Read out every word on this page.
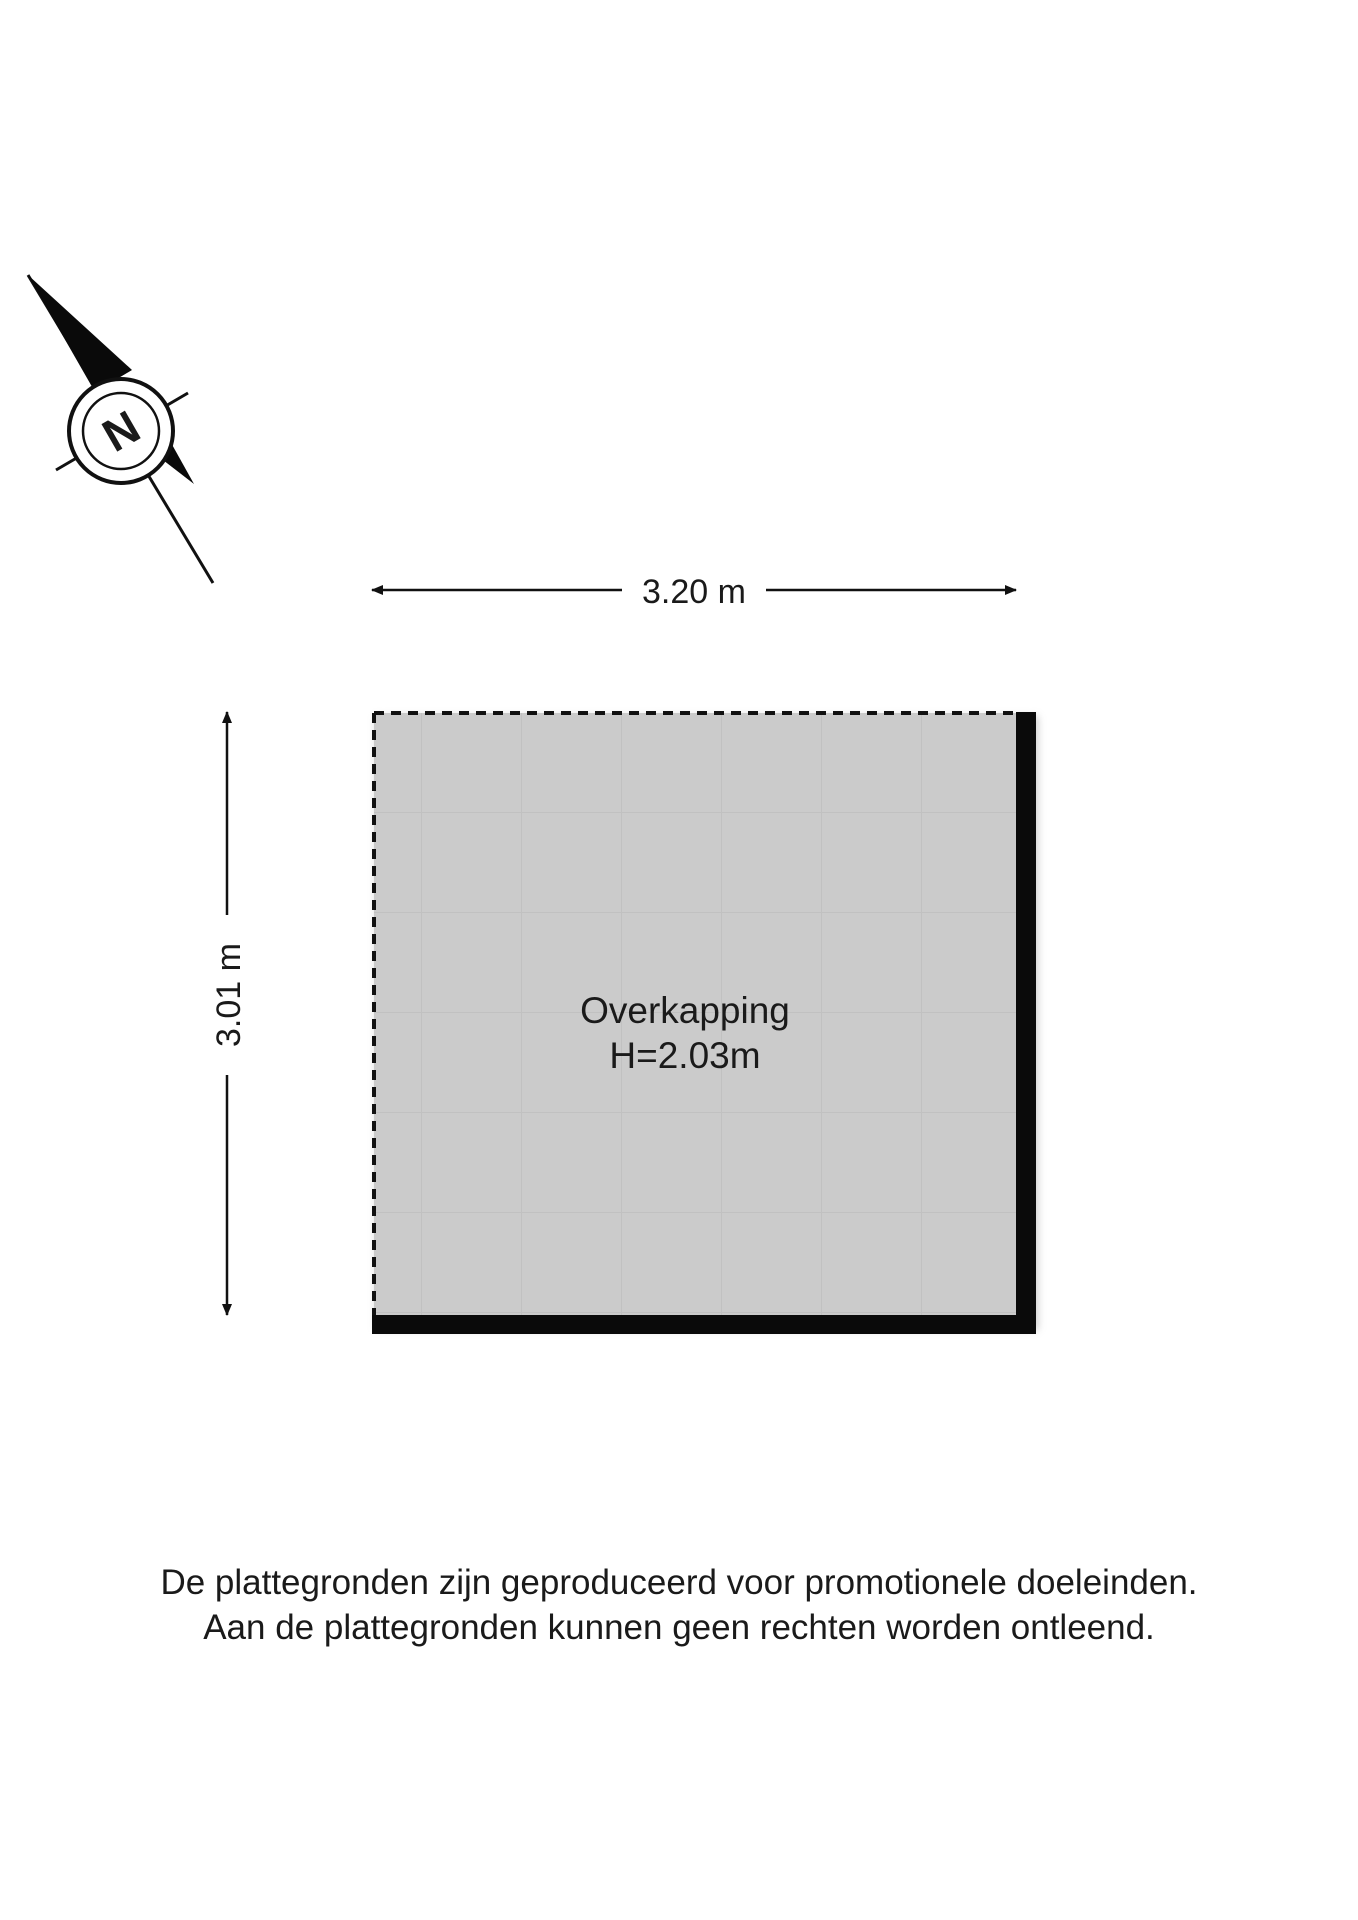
N
3.20 m
3.01 m	Overkapping
H=2.03m
De plattegronden zijn geproduceerd voor promotionele doeleinden.
Aan de plattegronden kunnen geen rechten worden ontleend.
